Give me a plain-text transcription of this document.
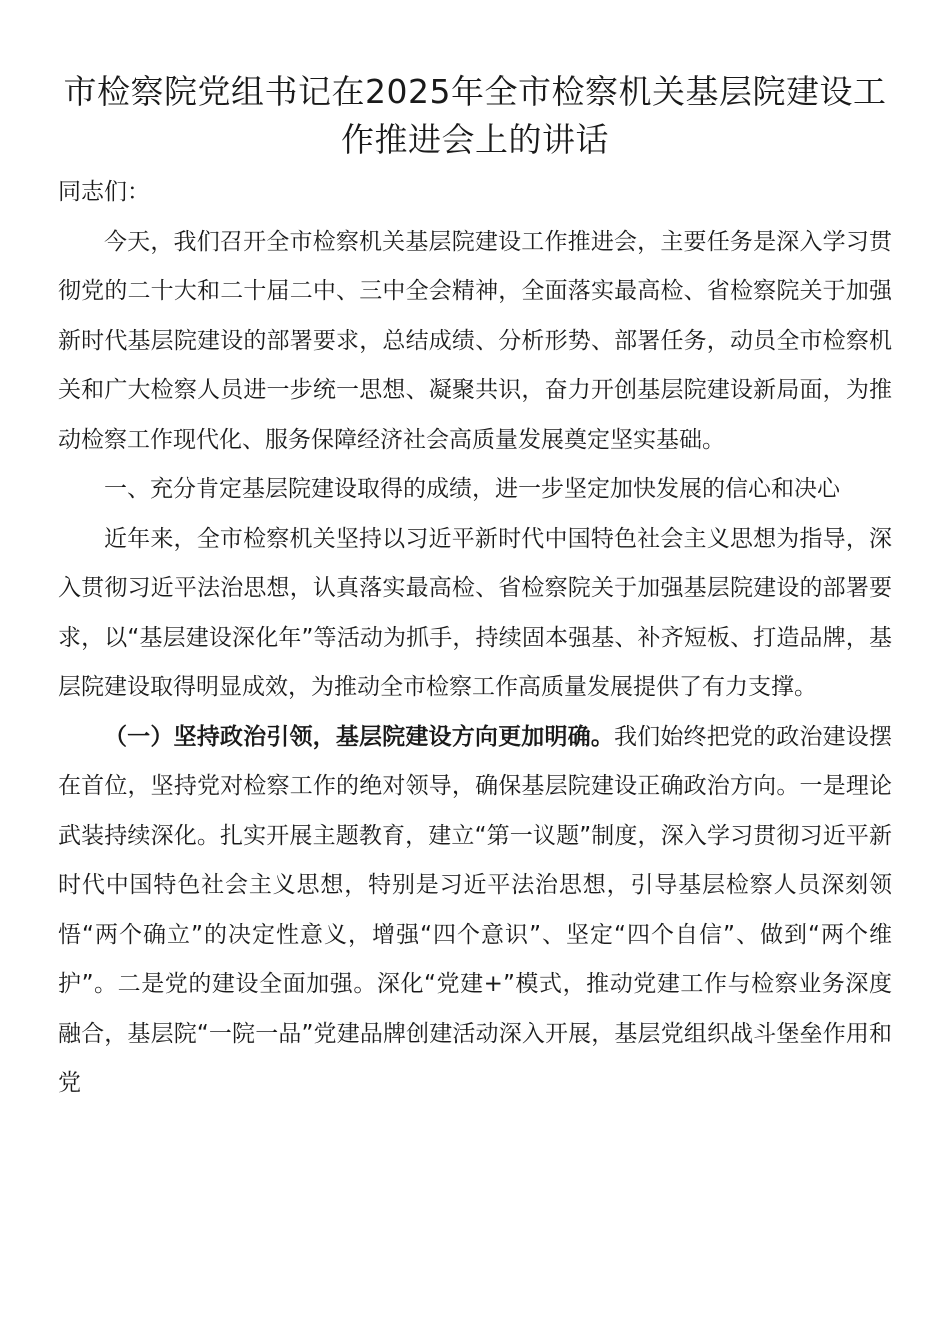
市检察院党组书记在2025年全市检察机关基层院建设工作推进会上的讲话

同志们：

今天，我们召开全市检察机关基层院建设工作推进会，主要任务是深入学习贯彻党的二十大和二十届二中、三中全会精神，全面落实最高检、省检察院关于加强新时代基层院建设的部署要求，总结成绩、分析形势、部署任务，动员全市检察机关和广大检察人员进一步统一思想、凝聚共识，奋力开创基层院建设新局面，为推动检察工作现代化、服务保障经济社会高质量发展奠定坚实基础。

一、充分肯定基层院建设取得的成绩，进一步坚定加快发展的信心和决心

近年来，全市检察机关坚持以习近平新时代中国特色社会主义思想为指导，深入贯彻习近平法治思想，认真落实最高检、省检察院关于加强基层院建设的部署要求，以“基层建设深化年”等活动为抓手，持续固本强基、补齐短板、打造品牌，基层院建设取得明显成效，为推动全市检察工作高质量发展提供了有力支撑。

（一）坚持政治引领，基层院建设方向更加明确。我们始终把党的政治建设摆在首位，坚持党对检察工作的绝对领导，确保基层院建设正确政治方向。一是理论武装持续深化。扎实开展主题教育，建立“第一议题”制度，深入学习贯彻习近平新时代中国特色社会主义思想，特别是习近平法治思想，引导基层检察人员深刻领悟“两个确立”的决定性意义，增强“四个意识”、坚定“四个自信”、做到“两个维护”。二是党的建设全面加强。深化“党建+”模式，推动党建工作与检察业务深度融合，基层院“一院一品”党建品牌创建活动深入开展，基层党组织战斗堡垒作用和党
